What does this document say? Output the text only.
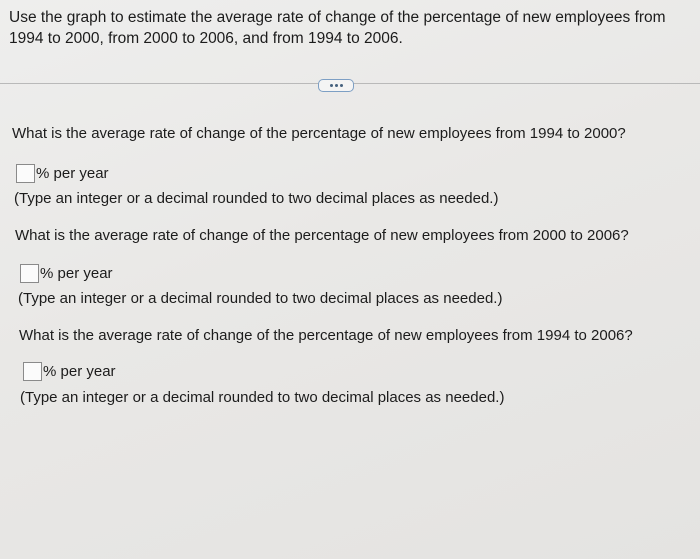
Use the graph to estimate the average rate of change of the percentage of new employees from
1994 to 2000, from 2000 to 2006, and from 1994 to 2006.
What is the average rate of change of the percentage of new employees from 1994 to 2000?
% per year
(Type an integer or a decimal rounded to two decimal places as needed.)
What is the average rate of change of the percentage of new employees from 2000 to 2006?
% per year
(Type an integer or a decimal rounded to two decimal places as needed.)
What is the average rate of change of the percentage of new employees from 1994 to 2006?
% per year
(Type an integer or a decimal rounded to two decimal places as needed.)
